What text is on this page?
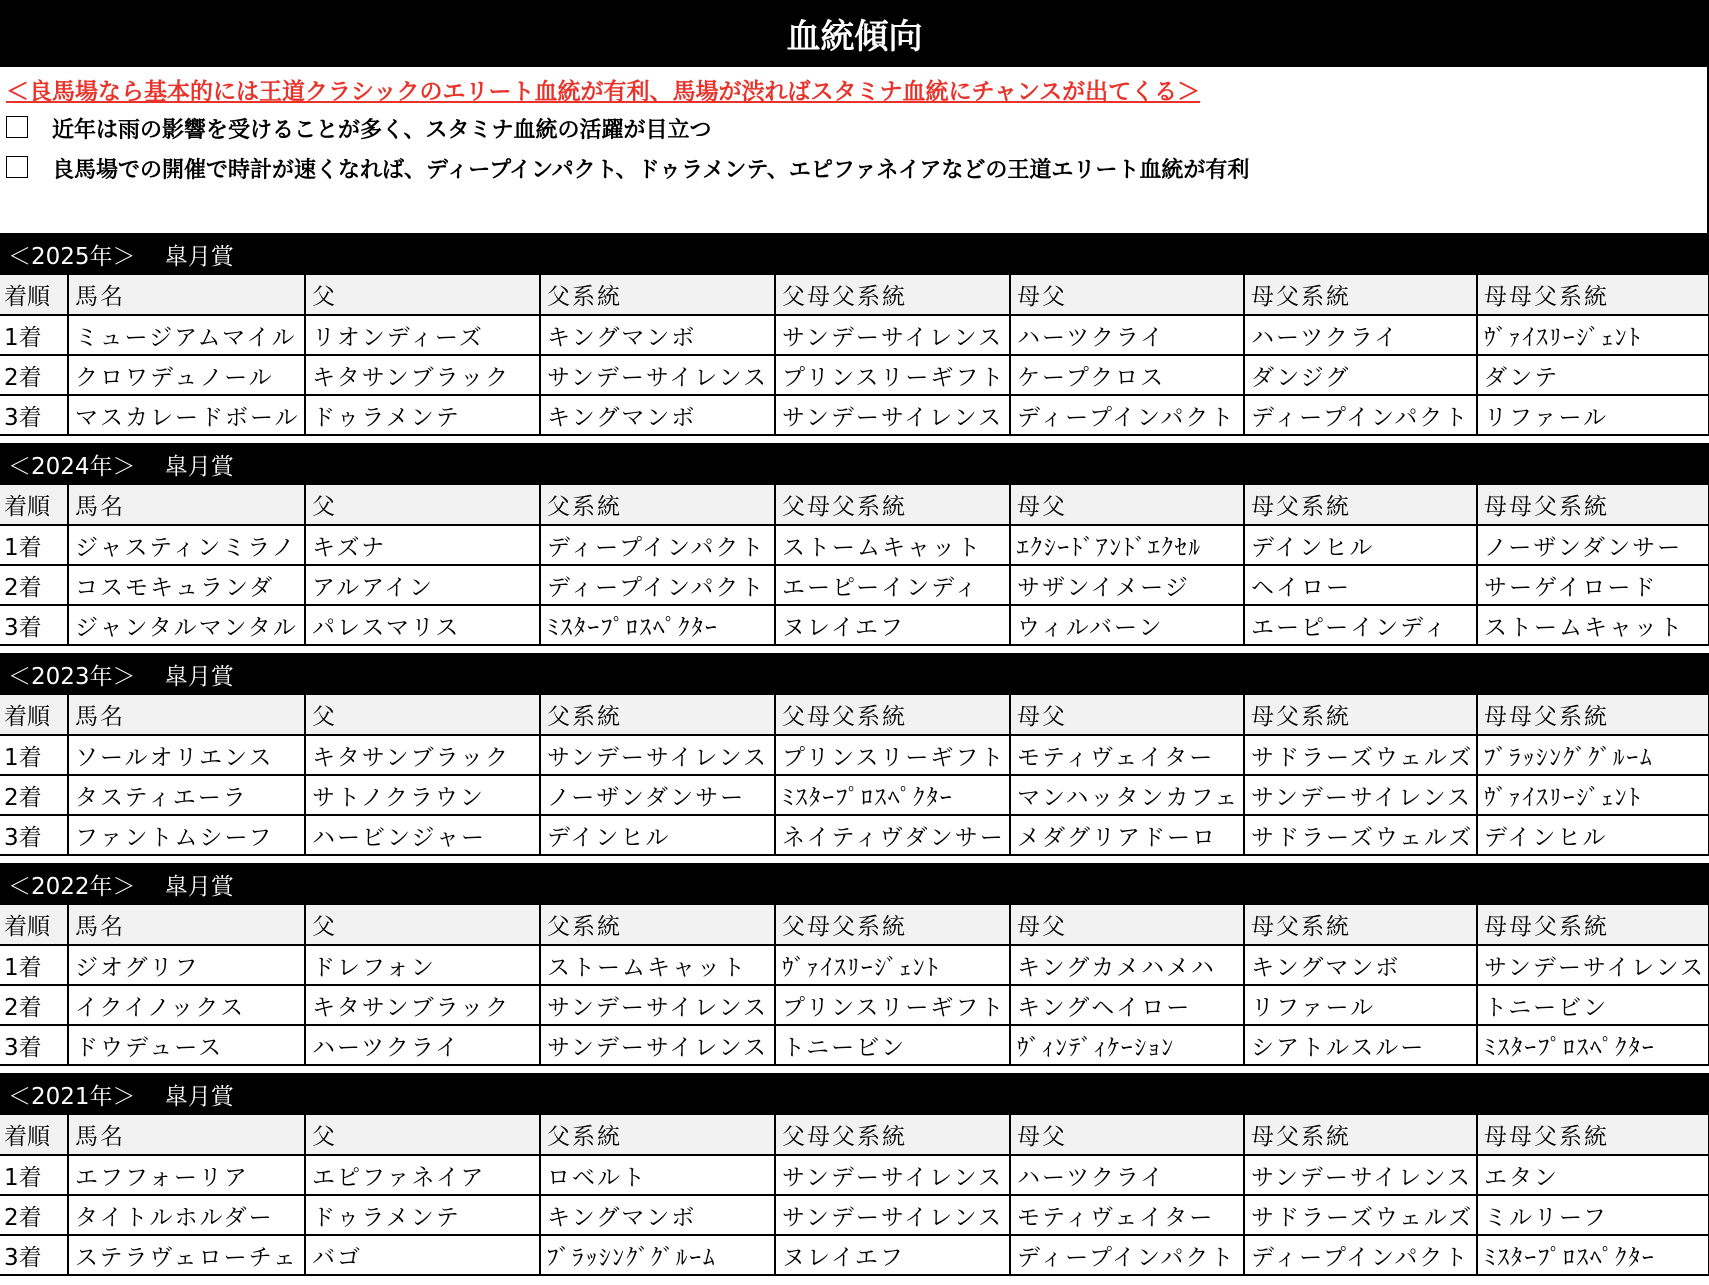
血統傾向
＜良馬場なら基本的には王道クラシックのエリート血統が有利、馬場が渋ればスタミナ血統にチャンスが出てくる＞
近年は雨の影響を受けることが多く、スタミナ血統の活躍が目立つ
良馬場での開催で時計が速くなれば、ディープインパクト、ドゥラメンテ、エピファネイアなどの王道エリート血統が有利
＜2025年＞
皐月賞
着順	馬名	父	父系統	父母父系統	母父	母父系統	母母父系統
1着	ミュージアムマイル	リオンディーズ	キングマンボ	サンデーサイレンス	ハーツクライ	ハーツクライ	ｳﾞｧｲｽﾘｰｼﾞｪﾝﾄ
2着	クロワデュノール	キタサンブラック	サンデーサイレンス	プリンスリーギフト	ケープクロス	ダンジグ	ダンテ
3着	マスカレードボール	ドゥラメンテ	キングマンボ	サンデーサイレンス	ディープインパクト	ディープインパクト	リファール
＜2024年＞
皐月賞
着順	馬名	父	父系統	父母父系統	母父	母父系統	母母父系統
1着	ジャスティンミラノ	キズナ	ディープインパクト	ストームキャット	ｴｸｼｰﾄﾞｱﾝﾄﾞｴｸｾﾙ	デインヒル	ノーザンダンサー
2着	コスモキュランダ	アルアイン	ディープインパクト	エーピーインディ	サザンイメージ	ヘイロー	サーゲイロード
3着	ジャンタルマンタル	パレスマリス	ﾐｽﾀｰﾌﾟﾛｽﾍﾟｸﾀｰ	ヌレイエフ	ウィルバーン	エーピーインディ	ストームキャット
＜2023年＞
皐月賞
着順	馬名	父	父系統	父母父系統	母父	母父系統	母母父系統
1着	ソールオリエンス	キタサンブラック	サンデーサイレンス	プリンスリーギフト	モティヴェイター	サドラーズウェルズ	ﾌﾞﾗｯｼﾝｸﾞｸﾞﾙｰﾑ
2着	タスティエーラ	サトノクラウン	ノーザンダンサー	ﾐｽﾀｰﾌﾟﾛｽﾍﾟｸﾀｰ	マンハッタンカフェ	サンデーサイレンス	ｳﾞｧｲｽﾘｰｼﾞｪﾝﾄ
3着	ファントムシーフ	ハービンジャー	デインヒル	ネイティヴダンサー	メダグリアドーロ	サドラーズウェルズ	デインヒル
＜2022年＞
皐月賞
着順	馬名	父	父系統	父母父系統	母父	母父系統	母母父系統
1着	ジオグリフ	ドレフォン	ストームキャット	ｳﾞｧｲｽﾘｰｼﾞｪﾝﾄ	キングカメハメハ	キングマンボ	サンデーサイレンス
2着	イクイノックス	キタサンブラック	サンデーサイレンス	プリンスリーギフト	キングヘイロー	リファール	トニービン
3着	ドウデュース	ハーツクライ	サンデーサイレンス	トニービン	ｳﾞｨﾝﾃﾞｨｹｰｼｮﾝ	シアトルスルー	ﾐｽﾀｰﾌﾟﾛｽﾍﾟｸﾀｰ
＜2021年＞
皐月賞
着順	馬名	父	父系統	父母父系統	母父	母父系統	母母父系統
1着	エフフォーリア	エピファネイア	ロベルト	サンデーサイレンス	ハーツクライ	サンデーサイレンス	エタン
2着	タイトルホルダー	ドゥラメンテ	キングマンボ	サンデーサイレンス	モティヴェイター	サドラーズウェルズ	ミルリーフ
3着	ステラヴェローチェ	バゴ	ﾌﾞﾗｯｼﾝｸﾞｸﾞﾙｰﾑ	ヌレイエフ	ディープインパクト	ディープインパクト	ﾐｽﾀｰﾌﾟﾛｽﾍﾟｸﾀｰ
